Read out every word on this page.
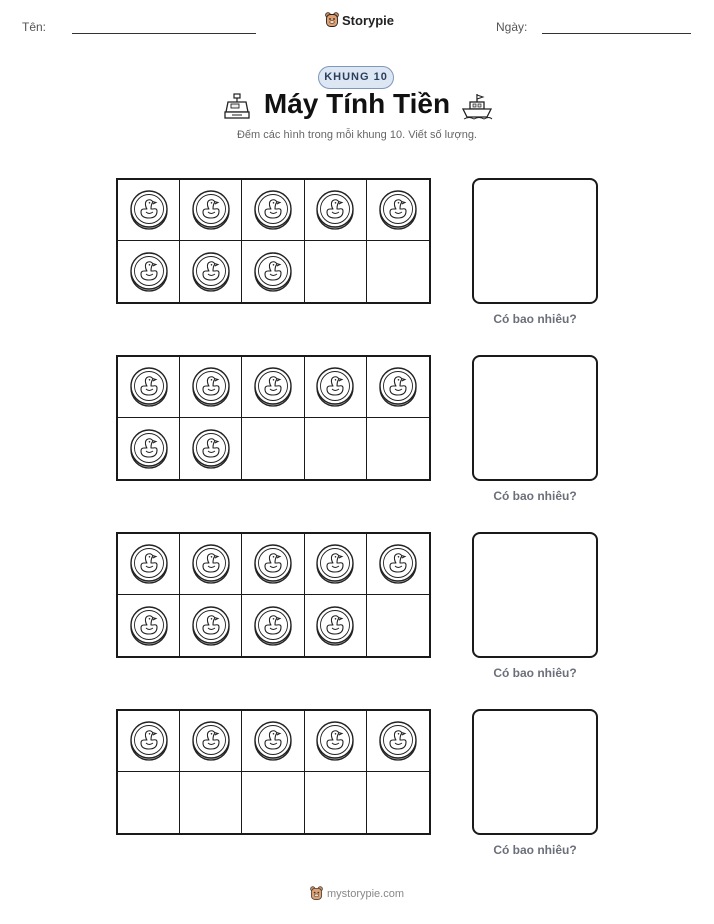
Tên:	Storypie	Ngày:
KHUNG 10
Máy Tính Tiền
Đếm các hình trong mỗi khung 10. Viết số lượng.
Có bao nhiêu?
Có bao nhiêu?
Có bao nhiêu?
Có bao nhiêu?
mystorypie.com
